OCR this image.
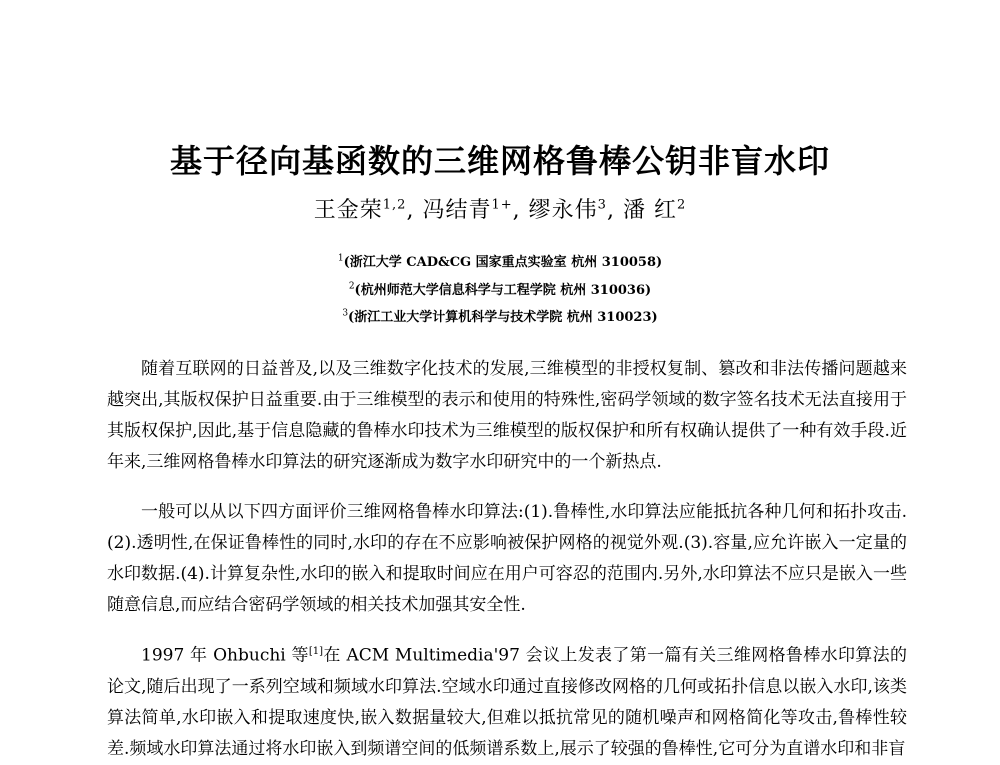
基于径向基函数的三维网格鲁棒公钥非盲水印
王金荣$^{1,2}$, 冯结青$^{1+}$, 缪永伟$^3$, 潘 红$^2$
$^1$(浙江大学 CAD&CG 国家重点实验室 杭州 310058)
$^2$(杭州师范大学信息科学与工程学院 杭州 310036)
$^3$(浙江工业大学计算机科学与技术学院 杭州 310023)
随着互联网的日益普及,以及三维数字化技术的发展,三维模型的非授权复制、篡改和非法传播问题越来越突出,其版权保护日益重要.由于三维模型的表示和使用的特殊性,密码学领域的数字签名技术无法直接用于其版权保护,因此,基于信息隐藏的鲁棒水印技术为三维模型的版权保护和所有权确认提供了一种有效手段.近年来,三维网格鲁棒水印算法的研究逐渐成为数字水印研究中的一个新热点.
一般可以从以下四方面评价三维网格鲁棒水印算法:(1).鲁棒性,水印算法应能抵抗各种几何和拓扑攻击.(2).透明性,在保证鲁棒性的同时,水印的存在不应影响被保护网格的视觉外观.(3).容量,应允许嵌入一定量的水印数据.(4).计算复杂性,水印的嵌入和提取时间应在用户可容忍的范围内.另外,水印算法不应只是嵌入一些随意信息,而应结合密码学领域的相关技术加强其安全性.
1997 年 Ohbuchi 等[1]在 ACM Multimedia'97 会议上发表了第一篇有关三维网格鲁棒水印算法的论文,随后出现了一系列空域和频域水印算法.空域水印通过直接修改网格的几何或拓扑信息以嵌入水印,该类算法简单,水印嵌入和提取速度快,嵌入数据量较大,但难以抵抗常见的随机噪声和网格简化等攻击,鲁棒性较差.频域水印算法通过将水印嵌入到频谱空间的低频谱系数上,展示了较强的鲁棒性,它可分为直谱水印和非盲
